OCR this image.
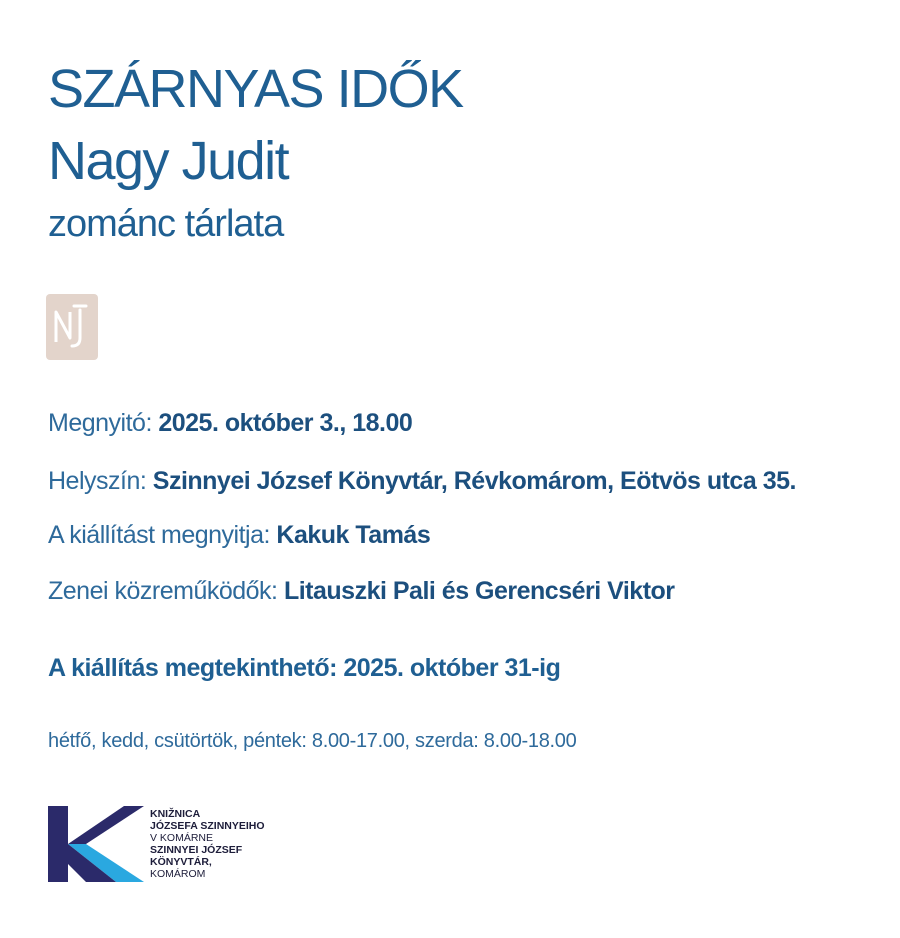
SZÁRNYAS IDŐK
Nagy Judit

zománc tárlata

Megnyitó: 2025. október 3., 18.00

Helyszín: Szinnyei József Könyvtár, Révkomárom, Eötvös utca 35.

A kiállítást megnyitja: Kakuk Tamás

Zenei közreműködők: Litauszki Pali és Gerencséri Viktor

A kiállítás megtekinthető: 2025. október 31-ig

hétfő, kedd, csütörtök, péntek: 8.00-17.00, szerda: 8.00-18.00

KNIŽNICA
JÓZSEFA SZINNYEIHO
V KOMÁRNE
SZINNYEI JÓZSEF
KÖNYVTÁR,
KOMÁROM
